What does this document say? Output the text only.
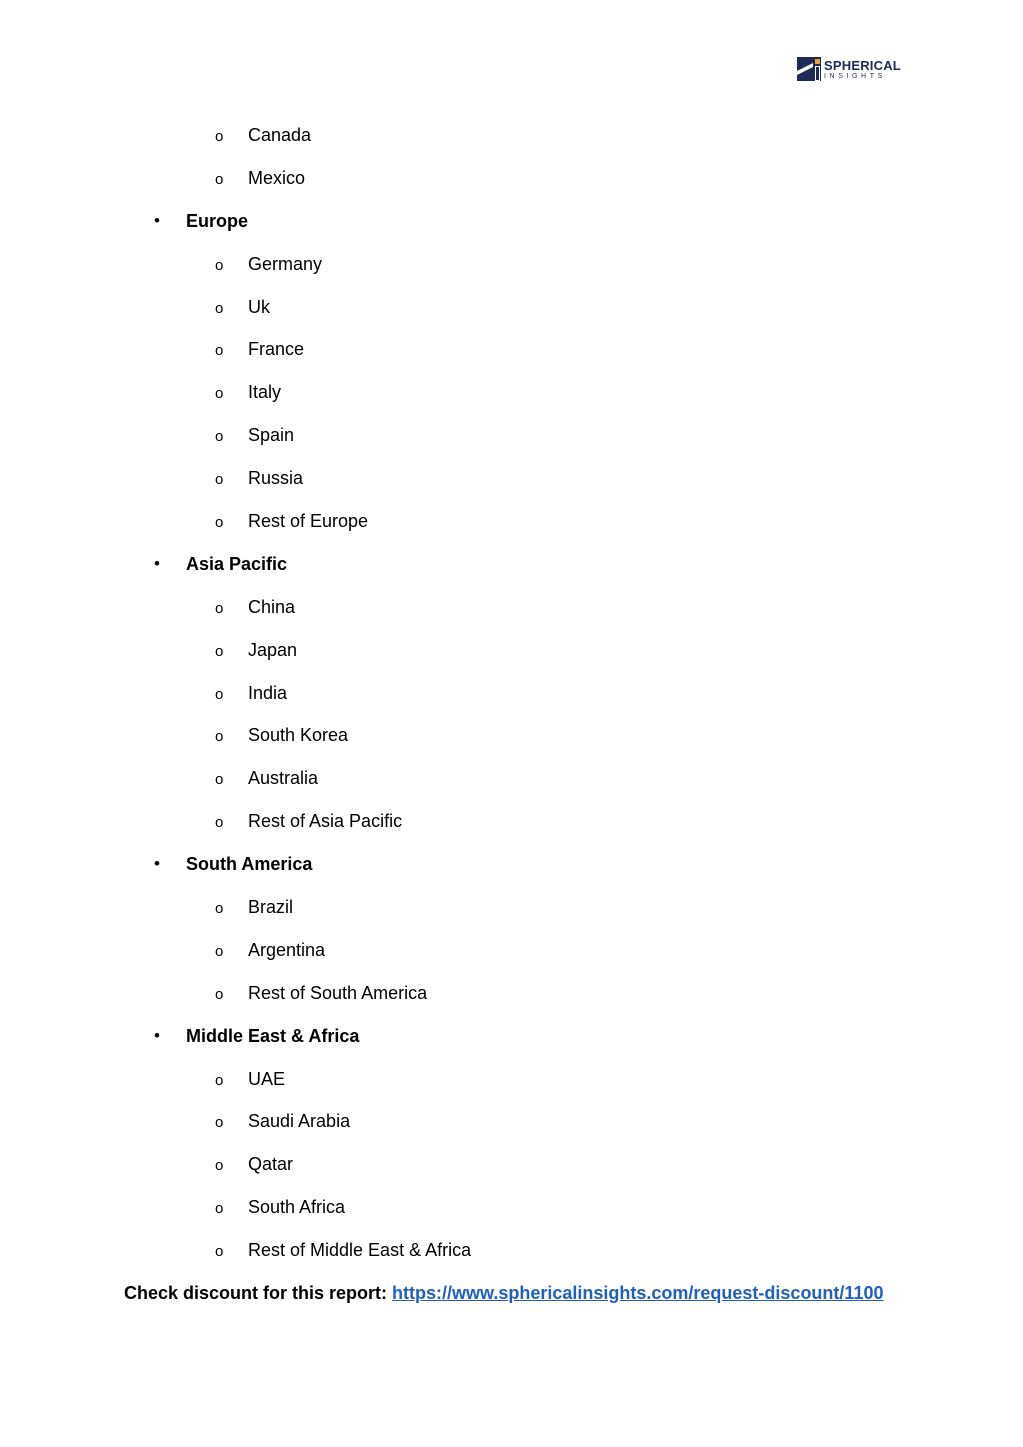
SPHERICAL
INSIGHTS
o Canada
o Mexico
• Europe
o Germany
o Uk
o France
o Italy
o Spain
o Russia
o Rest of Europe
• Asia Pacific
o China
o Japan
o India
o South Korea
o Australia
o Rest of Asia Pacific
• South America
o Brazil
o Argentina
o Rest of South America
• Middle East & Africa
o UAE
o Saudi Arabia
o Qatar
o South Africa
o Rest of Middle East & Africa
Check discount for this report: https://www.sphericalinsights.com/request-discount/1100
